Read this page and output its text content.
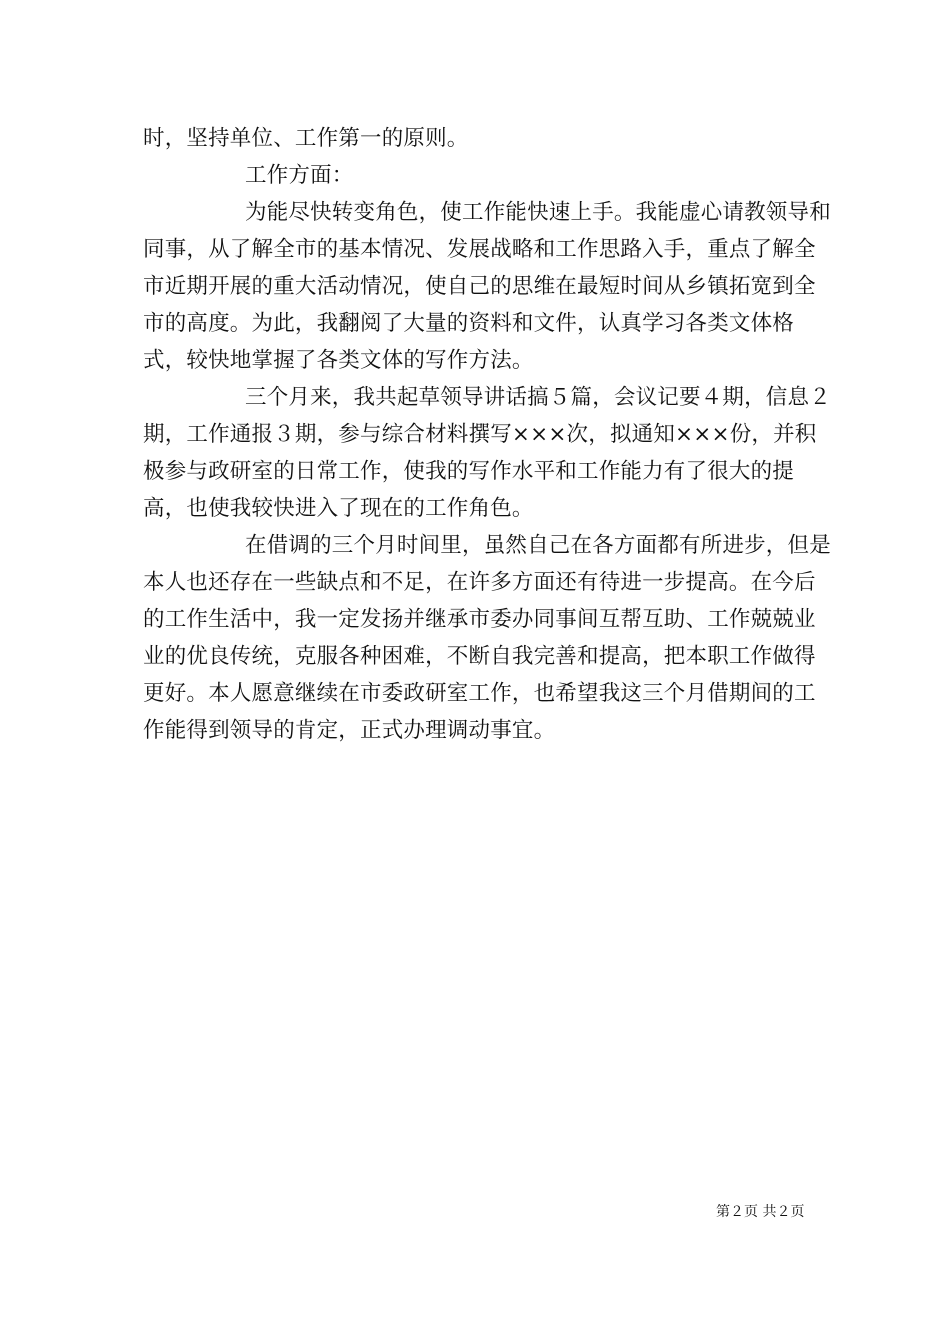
时，坚持单位、工作第一的原则。

工作方面：

为能尽快转变角色，使工作能快速上手。我能虚心请教领导和同事，从了解全市的基本情况、发展战略和工作思路入手，重点了解全市近期开展的重大活动情况，使自己的思维在最短时间从乡镇拓宽到全市的高度。为此，我翻阅了大量的资料和文件，认真学习各类文体格式，较快地掌握了各类文体的写作方法。

三个月来，我共起草领导讲话搞５篇，会议记要４期，信息２期，工作通报３期，参与综合材料撰写×××次，拟通知×××份，并积极参与政研室的日常工作，使我的写作水平和工作能力有了很大的提高，也使我较快进入了现在的工作角色。

在借调的三个月时间里，虽然自己在各方面都有所进步，但是本人也还存在一些缺点和不足，在许多方面还有待进一步提高。在今后的工作生活中，我一定发扬并继承市委办同事间互帮互助、工作兢兢业业的优良传统，克服各种困难，不断自我完善和提高，把本职工作做得更好。本人愿意继续在市委政研室工作，也希望我这三个月借期间的工作能得到领导的肯定，正式办理调动事宜。

第２页 共２页
